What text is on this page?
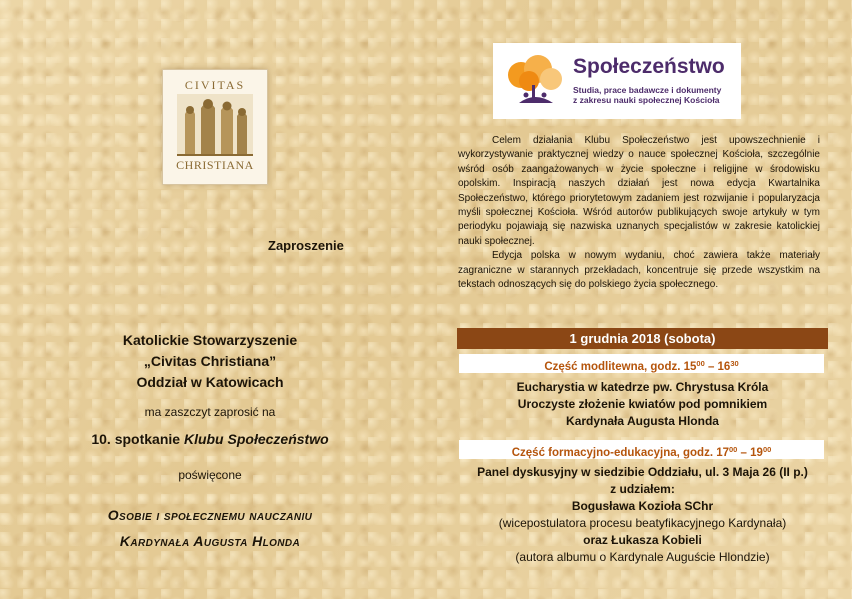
CIVITAS
CHRISTIANA
Zaproszenie
Katolickie Stowarzyszenie
„Civitas Christiana”
Oddział w Katowicach
ma zaszczyt zaprosić na
10. spotkanie Klubu Społeczeństwo
poświęcone
Osobie i społecznemu nauczaniu
Kardynała Augusta Hlonda
Społeczeństwo
Studia, prace badawcze i dokumenty
z zakresu nauki społecznej Kościoła

Celem działania Klubu Społeczeństwo jest upowszechnienie i wykorzystywanie praktycznej wiedzy o nauce społecznej Kościoła, szczególnie wśród osób zaangażowanych w życie społeczne i religijne w środowisku opolskim. Inspiracją naszych działań jest nowa edycja Kwartalnika Społeczeństwo, którego priorytetowym zadaniem jest rozwijanie i popularyzacja myśli społecznej Kościoła. Wśród autorów publikujących swoje artykuły w tym periodyku pojawiają się nazwiska uznanych specjalistów w zakresie katolickiej nauki społecznej.

Edycja polska w nowym wydaniu, choć zawiera także materiały zagraniczne w starannych przekładach, koncentruje się przede wszystkim na tekstach odnoszących się do polskiego życia społecznego.

1 grudnia 2018 (sobota)
Część modlitewna, godz. $15^{00} - 16^{30}$
Eucharystia w katedrze pw. Chrystusa Króla
Uroczyste złożenie kwiatów pod pomnikiem
Kardynała Augusta Hlonda
Część formacyjno-edukacyjna, godz. $17^{00} - 19^{00}$
Panel dyskusyjny w siedzibie Oddziału, ul. 3 Maja 26 (II p.)
z udziałem:
Bogusława Kozioła SChr
(wicepostulatora procesu beatyfikacyjnego Kardynała)
oraz Łukasza Kobieli
(autora albumu o Kardynale Auguście Hlondzie)
